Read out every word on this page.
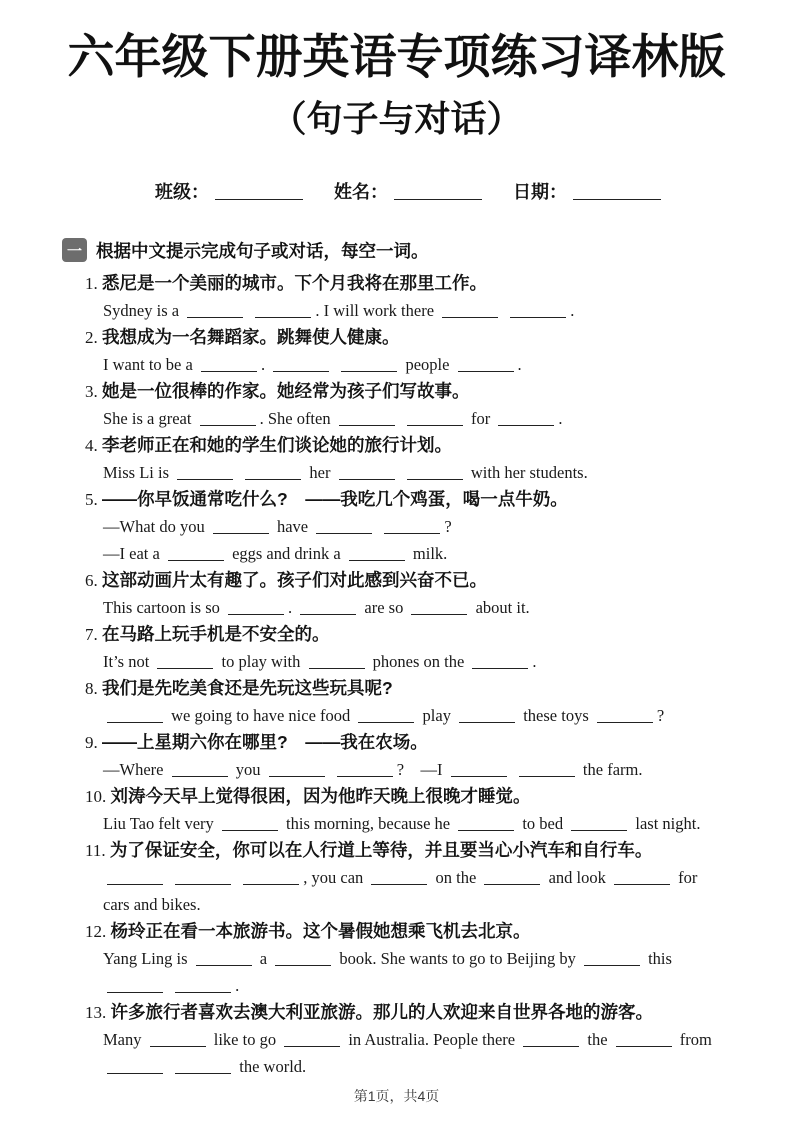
六年级下册英语专项练习译林版
（句子与对话）
班级：	姓名：	日期：
一 根据中文提示完成句子或对话，每空一词。
1. 悉尼是一个美丽的城市。下个月我将在那里工作。
Sydney is a	. I will work there	.
2. 我想成为一名舞蹈家。跳舞使人健康。
I want to be a	.	people	.
3. 她是一位很棒的作家。她经常为孩子们写故事。
She is a great	. She often	for	.
4. 李老师正在和她的学生们谈论她的旅行计划。
Miss Li is	her	with her students.
5. ——你早饭通常吃什么?　——我吃几个鸡蛋，喝一点牛奶。
—What do you	have	?
—I eat a	eggs and drink a	milk.
6. 这部动画片太有趣了。孩子们对此感到兴奋不已。
This cartoon is so	.	are so	about it.
7. 在马路上玩手机是不安全的。
It’s not	to play with	phones on the	.
8. 我们是先吃美食还是先玩这些玩具呢?
we going to have nice food	play	these toys	?
9. ——上星期六你在哪里?　——我在农场。
—Where	you	?　—I	the farm.
10. 刘涛今天早上觉得很困，因为他昨天晚上很晚才睡觉。
Liu Tao felt very	this morning, because he	to bed	last night.
11. 为了保证安全，你可以在人行道上等待，并且要当心小汽车和自行车。
, you can	on the	and look	for
cars and bikes.
12. 杨玲正在看一本旅游书。这个暑假她想乘飞机去北京。
Yang Ling is	a	book. She wants to go to Beijing by	this
.
13. 许多旅行者喜欢去澳大利亚旅游。那儿的人欢迎来自世界各地的游客。
Many	like to go	in Australia. People there	the	from
the world.
第1页，共4页
